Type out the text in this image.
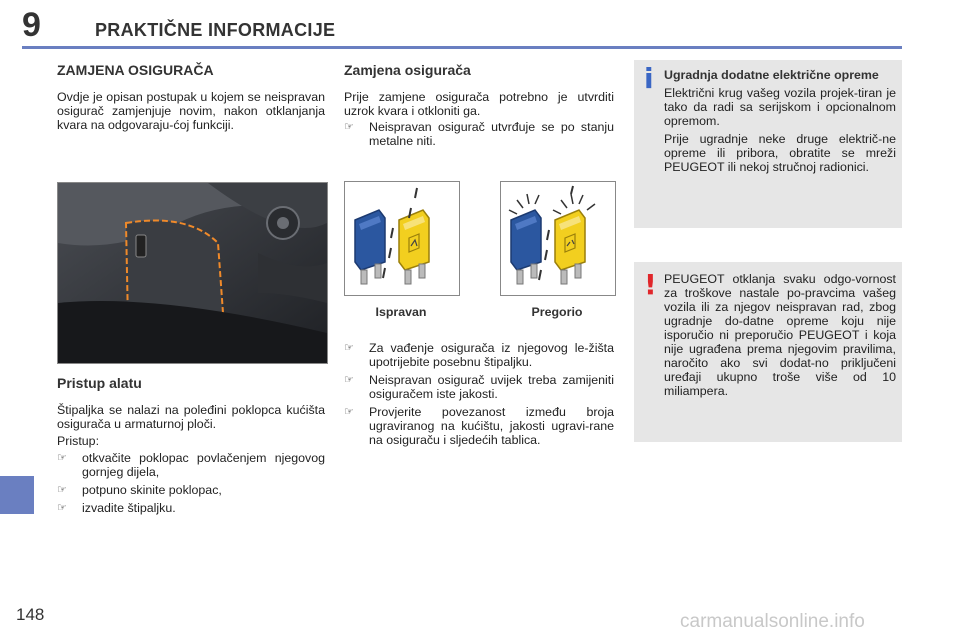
9	PRAKTIČNE INFORMACIJE
ZAMJENA OSIGURAČA

Ovdje je opisan postupak u kojem se neispravan osigurač zamjenjuje novim, nakon otklanjanja kvara na odgovaraju-ćoj funkciji.

Pristup alatu

Štipaljka se nalazi na poleđini poklopca kućišta osigurača u armaturnoj ploči.

Pristup:

☞ otkvačite poklopac povlačenjem njegovog gornjeg dijela,
☞ potpuno skinite poklopac,
☞ izvadite štipaljku.
Zamjena osigurača

Prije zamjene osigurača potrebno je utvrditi uzrok kvara i otkloniti ga.

☞ Neispravan osigurač utvrđuje se po stanju metalne niti.
Ispravan	Pregorio
☞ Za vađenje osigurača iz njegovog le-žišta upotrijebite posebnu štipaljku.
☞ Neispravan osigurač uvijek treba zamijeniti osiguračem iste jakosti.
☞ Provjerite povezanost između broja ugraviranog na kućištu, jakosti ugravi-rane na osiguraču i sljedećih tablica.
i Ugradnja dodatne električne opreme

Električni krug vašeg vozila projek-tiran je tako da radi sa serijskom i opcionalnom opremom.

Prije ugradnje neke druge električ-ne opreme ili pribora, obratite se mreži PEUGEOT ili nekoj stručnoj radionici.

! PEUGEOT otklanja svaku odgo-vornost za troškove nastale po-pravcima vašeg vozila ili za njegov neispravan rad, zbog ugradnje do-datne opreme koju nije isporučio ni preporučio PEUGEOT i koja nije ugrađena prema njegovim pravilima, naročito ako svi dodat-no priključeni uređaji ukupno troše više od 10 miliampera.

148	carmanualsonline.info
